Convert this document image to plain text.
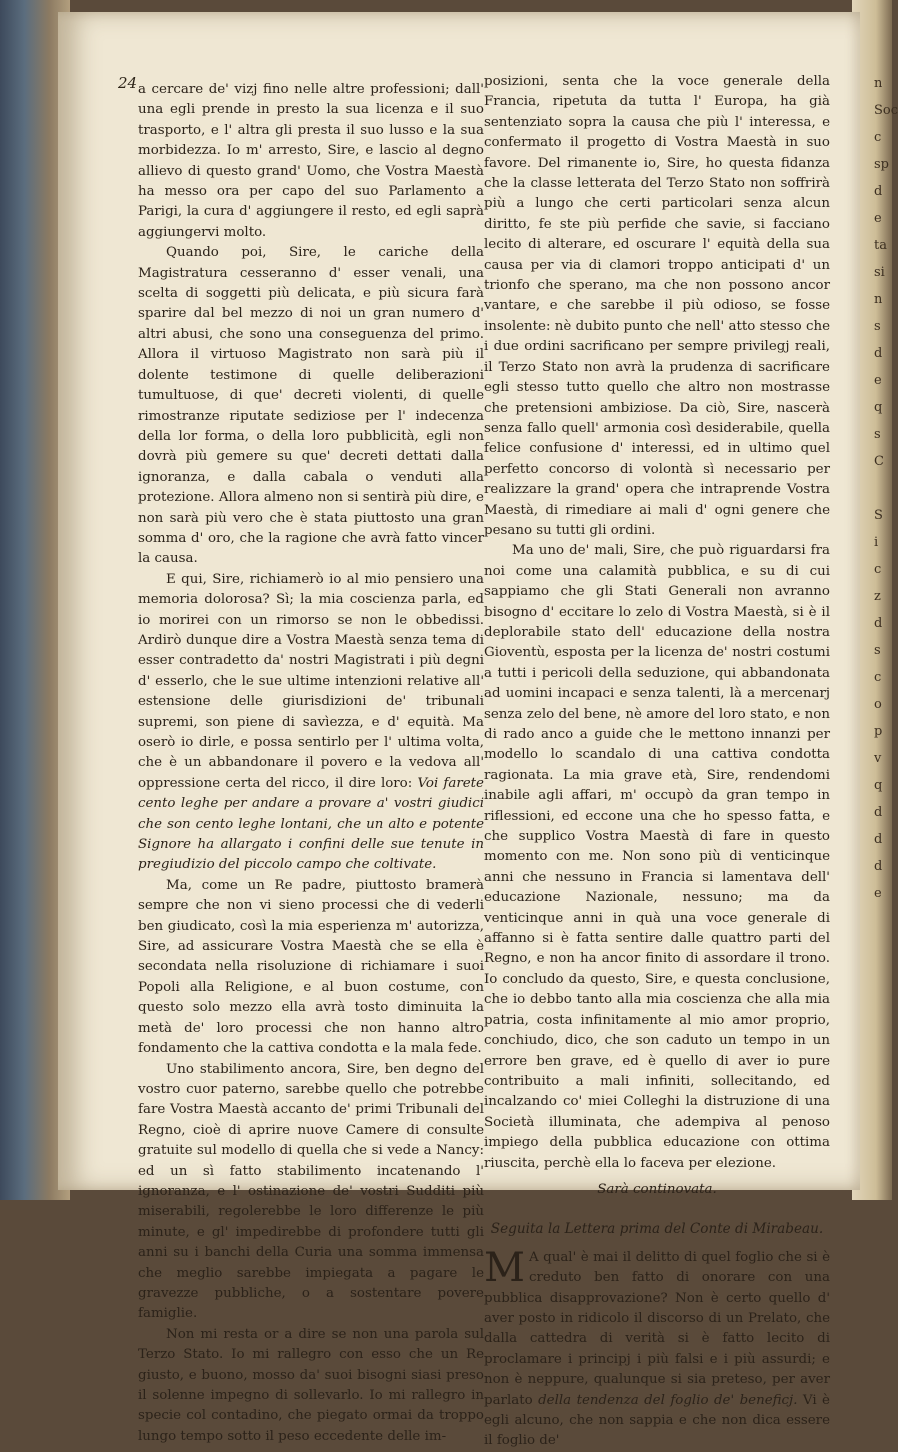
n
Soc
c
sp
d
e
ta
si
n
s
d
e
q
s
C

S
i
c
z
d
s
c
o
p
v
q
d
d
d
e
24 a cercare de' vizj fino nelle altre professioni; dall' una egli prende in presto la sua licenza e il suo trasporto, e l' altra gli presta il suo lusso e la sua morbidezza. Io m' arresto, Sire, e lascio al degno allievo di questo grand' Uomo, che Vostra Maestà ha messo ora per capo del suo Parlamento a Parigi, la cura d' aggiungere il resto, ed egli saprà aggiungervi molto.

Quando poi, Sire, le cariche della Magistratura cesseranno d' esser venali, una scelta di soggetti più delicata, e più sicura farà sparire dal bel mezzo di noi un gran numero d' altri abusi, che sono una conseguenza del primo. Allora il virtuoso Magistrato non sarà più il dolente testimone di quelle deliberazioni tumultuose, di que' decreti violenti, di quelle rimostranze riputate sediziose per l' indecenza della lor forma, o della loro pubblicità, egli non dovrà più gemere su que' decreti dettati dalla ignoranza, e dalla cabala o venduti alla protezione. Allora almeno non si sentirà più dire, e non sarà più vero che è stata piuttosto una gran somma d' oro, che la ragione che avrà fatto vincer la causa.

E qui, Sire, richiamerò io al mio pensiero una memoria dolorosa? Sì; la mia coscienza parla, ed io morirei con un rimorso se non le obbedissi. Ardirò dunque dire a Vostra Maestà senza tema di esser contradetto da' nostri Magistrati i più degni d' esserlo, che le sue ultime intenzioni relative all' estensione delle giurisdizioni de' tribunali supremi, son piene di savìezza, e d' equità. Ma oserò io dirle, e possa sentirlo per l' ultima volta, che è un abbandonare il povero e la vedova all' oppressione certa del ricco, il dire loro: Voi farete cento leghe per andare a provare a' vostri giudici che son cento leghe lontani, che un alto e potente Signore ha allargato i confini delle sue tenute in pregiudizio del piccolo campo che coltivate.

Ma, come un Re padre, piuttosto bramerà sempre che non vi sieno processi che di vederli ben giudicato, così la mia esperienza m' autorizza, Sire, ad assicurare Vostra Maestà che se ella è secondata nella risoluzione di richiamare i suoi Popoli alla Religione, e al buon costume, con questo solo mezzo ella avrà tosto diminuita la metà de' loro processi che non hanno altro fondamento che la cattiva condotta e la mala fede.

Uno stabilimento ancora, Sire, ben degno del vostro cuor paterno, sarebbe quello che potrebbe fare Vostra Maestà accanto de' primi Tribunali del Regno, cioè di aprire nuove Camere di consulte gratuite sul modello di quella che si vede a Nancy: ed un sì fatto stabilimento incatenando l' ignoranza, e l' ostinazione de' vostri Sudditi più miserabili, regolerebbe le loro differenze le più minute, e gl' impedirebbe di profondere tutti gli anni su i banchi della Curia una somma immensa che meglio sarebbe impiegata a pagare le gravezze pubbliche, o a sostentare povere famiglie.

Non mi resta or a dire se non una parola sul Terzo Stato. Io mi rallegro con esso che un Re giusto, e buono, mosso da' suoi bisogni siasi preso il solenne impegno di sollevarlo. Io mi rallegro in specie col contadino, che piegato ormai da troppo lungo tempo sotto il peso eccedente delle im-

posizioni, senta che la voce generale della Francia, ripetuta da tutta l' Europa, ha già sentenziato sopra la causa che più l' interessa, e confermato il progetto di Vostra Maestà in suo favore. Del rimanente io, Sire, ho questa fidanza che la classe letterata del Terzo Stato non soffrirà più a lungo che certi particolari senza alcun diritto, fe ste più perfide che savie, si facciano lecito di alterare, ed oscurare l' equità della sua causa per via di clamori troppo anticipati d' un trionfo che sperano, ma che non possono ancor vantare, e che sarebbe il più odioso, se fosse insolente: nè dubito punto che nell' atto stesso che i due ordini sacrificano per sempre privilegj reali, il Terzo Stato non avrà la prudenza di sacrificare egli stesso tutto quello che altro non mostrasse che pretensioni ambiziose. Da ciò, Sire, nascerà senza fallo quell' armonia così desiderabile, quella felice confusione d' interessi, ed in ultimo quel perfetto concorso di volontà sì necessario per realizzare la grand' opera che intraprende Vostra Maestà, di rimediare ai mali d' ogni genere che pesano su tutti gli ordini.

Ma uno de' mali, Sire, che può riguardarsi fra noi come una calamità pubblica, e su di cui sappiamo che gli Stati Generali non avranno bisogno d' eccitare lo zelo di Vostra Maestà, si è il deplorabile stato dell' educazione della nostra Gioventù, esposta per la licenza de' nostri costumi a tutti i pericoli della seduzione, qui abbandonata ad uomini incapaci e senza talenti, là a mercenarj senza zelo del bene, nè amore del loro stato, e non di rado anco a guide che le mettono innanzi per modello lo scandalo di una cattiva condotta ragionata. La mia grave età, Sire, rendendomi inabile agli affari, m' occupò da gran tempo in riflessioni, ed eccone una che ho spesso fatta, e che supplico Vostra Maestà di fare in questo momento con me. Non sono più di venticinque anni che nessuno in Francia si lamentava dell' educazione Nazionale, nessuno; ma da venticinque anni in quà una voce generale di affanno si è fatta sentire dalle quattro parti del Regno, e non ha ancor finito di assordare il trono. Io concludo da questo, Sire, e questa conclusione, che io debbo tanto alla mia coscienza che alla mia patria, costa infinitamente al mio amor proprio, conchiudo, dico, che son caduto un tempo in un errore ben grave, ed è quello di aver io pure contribuito a mali infiniti, sollecitando, ed incalzando co' miei Colleghi la distruzione di una Società illuminata, che adempiva al penoso impiego della pubblica educazione con ottima riuscita, perchè ella lo faceva per elezione.

Sarà continovata.

Seguita la Lettera prima del Conte di Mirabeau.

M A qual' è mai il delitto di quel foglio che si è creduto ben fatto di onorare con una pubblica disapprovazione? Non è certo quello d' aver posto in ridicolo il discorso di un Prelato, che dalla cattedra di verità si è fatto lecito di proclamare i principj i più falsi e i più assurdi; e non è neppure, qualunque si sia preteso, per aver parlato della tendenza del foglio de' beneficj. Vi è egli alcuno, che non sappia e che non dica essere il foglio de'
